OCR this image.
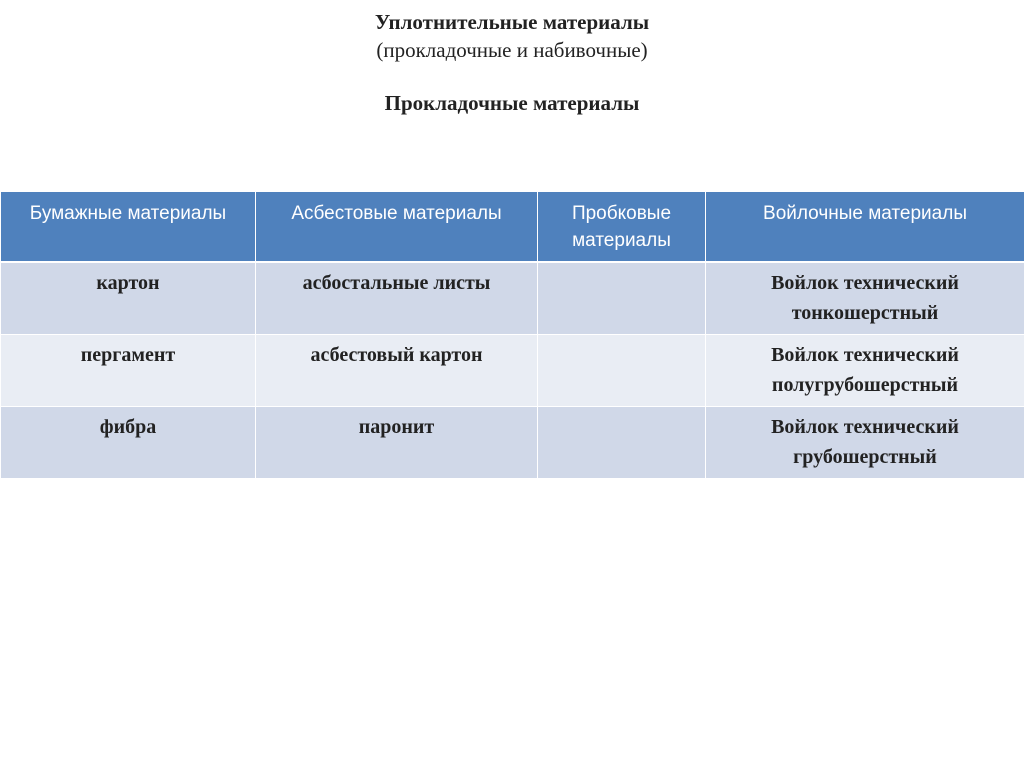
Уплотнительные материалы
(прокладочные и набивочные)
Прокладочные материалы
Бумажные материалы	Асбестовые материалы	Пробковые материалы	Войлочные материалы
картон	асбостальные листы		Войлок технический тонкошерстный
пергамент	асбестовый картон		Войлок технический полугрубошерстный
фибра	паронит		Войлок технический грубошерстный
